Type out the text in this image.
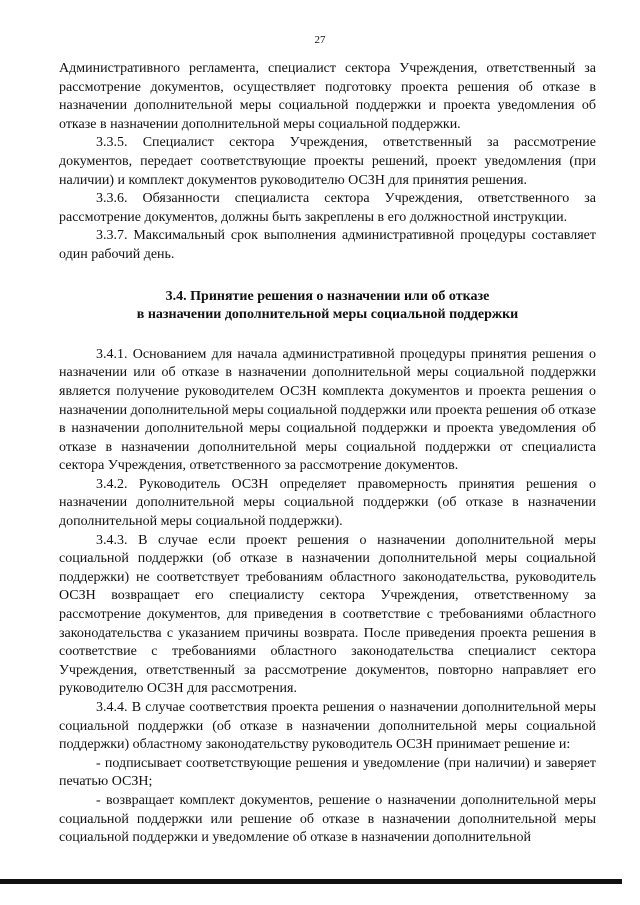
27

Административного регламента, специалист сектора Учреждения, ответственный за рассмотрение документов, осуществляет подготовку проекта решения об отказе в назначении дополнительной меры социальной поддержки и проекта уведомления об отказе в назначении дополнительной меры социальной поддержки.

3.3.5. Специалист сектора Учреждения, ответственный за рассмотрение документов, передает соответствующие проекты решений, проект уведомления (при наличии) и комплект документов руководителю ОСЗН для принятия решения.

3.3.6. Обязанности специалиста сектора Учреждения, ответственного за рассмотрение документов, должны быть закреплены в его должностной инструкции.

3.3.7. Максимальный срок выполнения административной процедуры составляет один рабочий день.

3.4. Принятие решения о назначении или об отказе
в назначении дополнительной меры социальной поддержки

3.4.1. Основанием для начала административной процедуры принятия решения о назначении или об отказе в назначении дополнительной меры социальной поддержки является получение руководителем ОСЗН комплекта документов и проекта решения о назначении дополнительной меры социальной поддержки или проекта решения об отказе в назначении дополнительной меры социальной поддержки и проекта уведомления об отказе в назначении дополнительной меры социальной поддержки от специалиста сектора Учреждения, ответственного за рассмотрение документов.

3.4.2. Руководитель ОСЗН определяет правомерность принятия решения о назначении дополнительной меры социальной поддержки (об отказе в назначении дополнительной меры социальной поддержки).

3.4.3. В случае если проект решения о назначении дополнительной меры социальной поддержки (об отказе в назначении дополнительной меры социальной поддержки) не соответствует требованиям областного законодательства, руководитель ОСЗН возвращает его специалисту сектора Учреждения, ответственному за рассмотрение документов, для приведения в соответствие с требованиями областного законодательства с указанием причины возврата. После приведения проекта решения в соответствие с требованиями областного законодательства специалист сектора Учреждения, ответственный за рассмотрение документов, повторно направляет его руководителю ОСЗН для рассмотрения.

3.4.4. В случае соответствия проекта решения о назначении дополнительной меры социальной поддержки (об отказе в назначении дополнительной меры социальной поддержки) областному законодательству руководитель ОСЗН принимает решение и:

- подписывает соответствующие решения и уведомление (при наличии) и заверяет печатью ОСЗН;

- возвращает комплект документов, решение о назначении дополнительной меры социальной поддержки или решение об отказе в назначении дополнительной меры социальной поддержки и уведомление об отказе в назначении дополнительной
